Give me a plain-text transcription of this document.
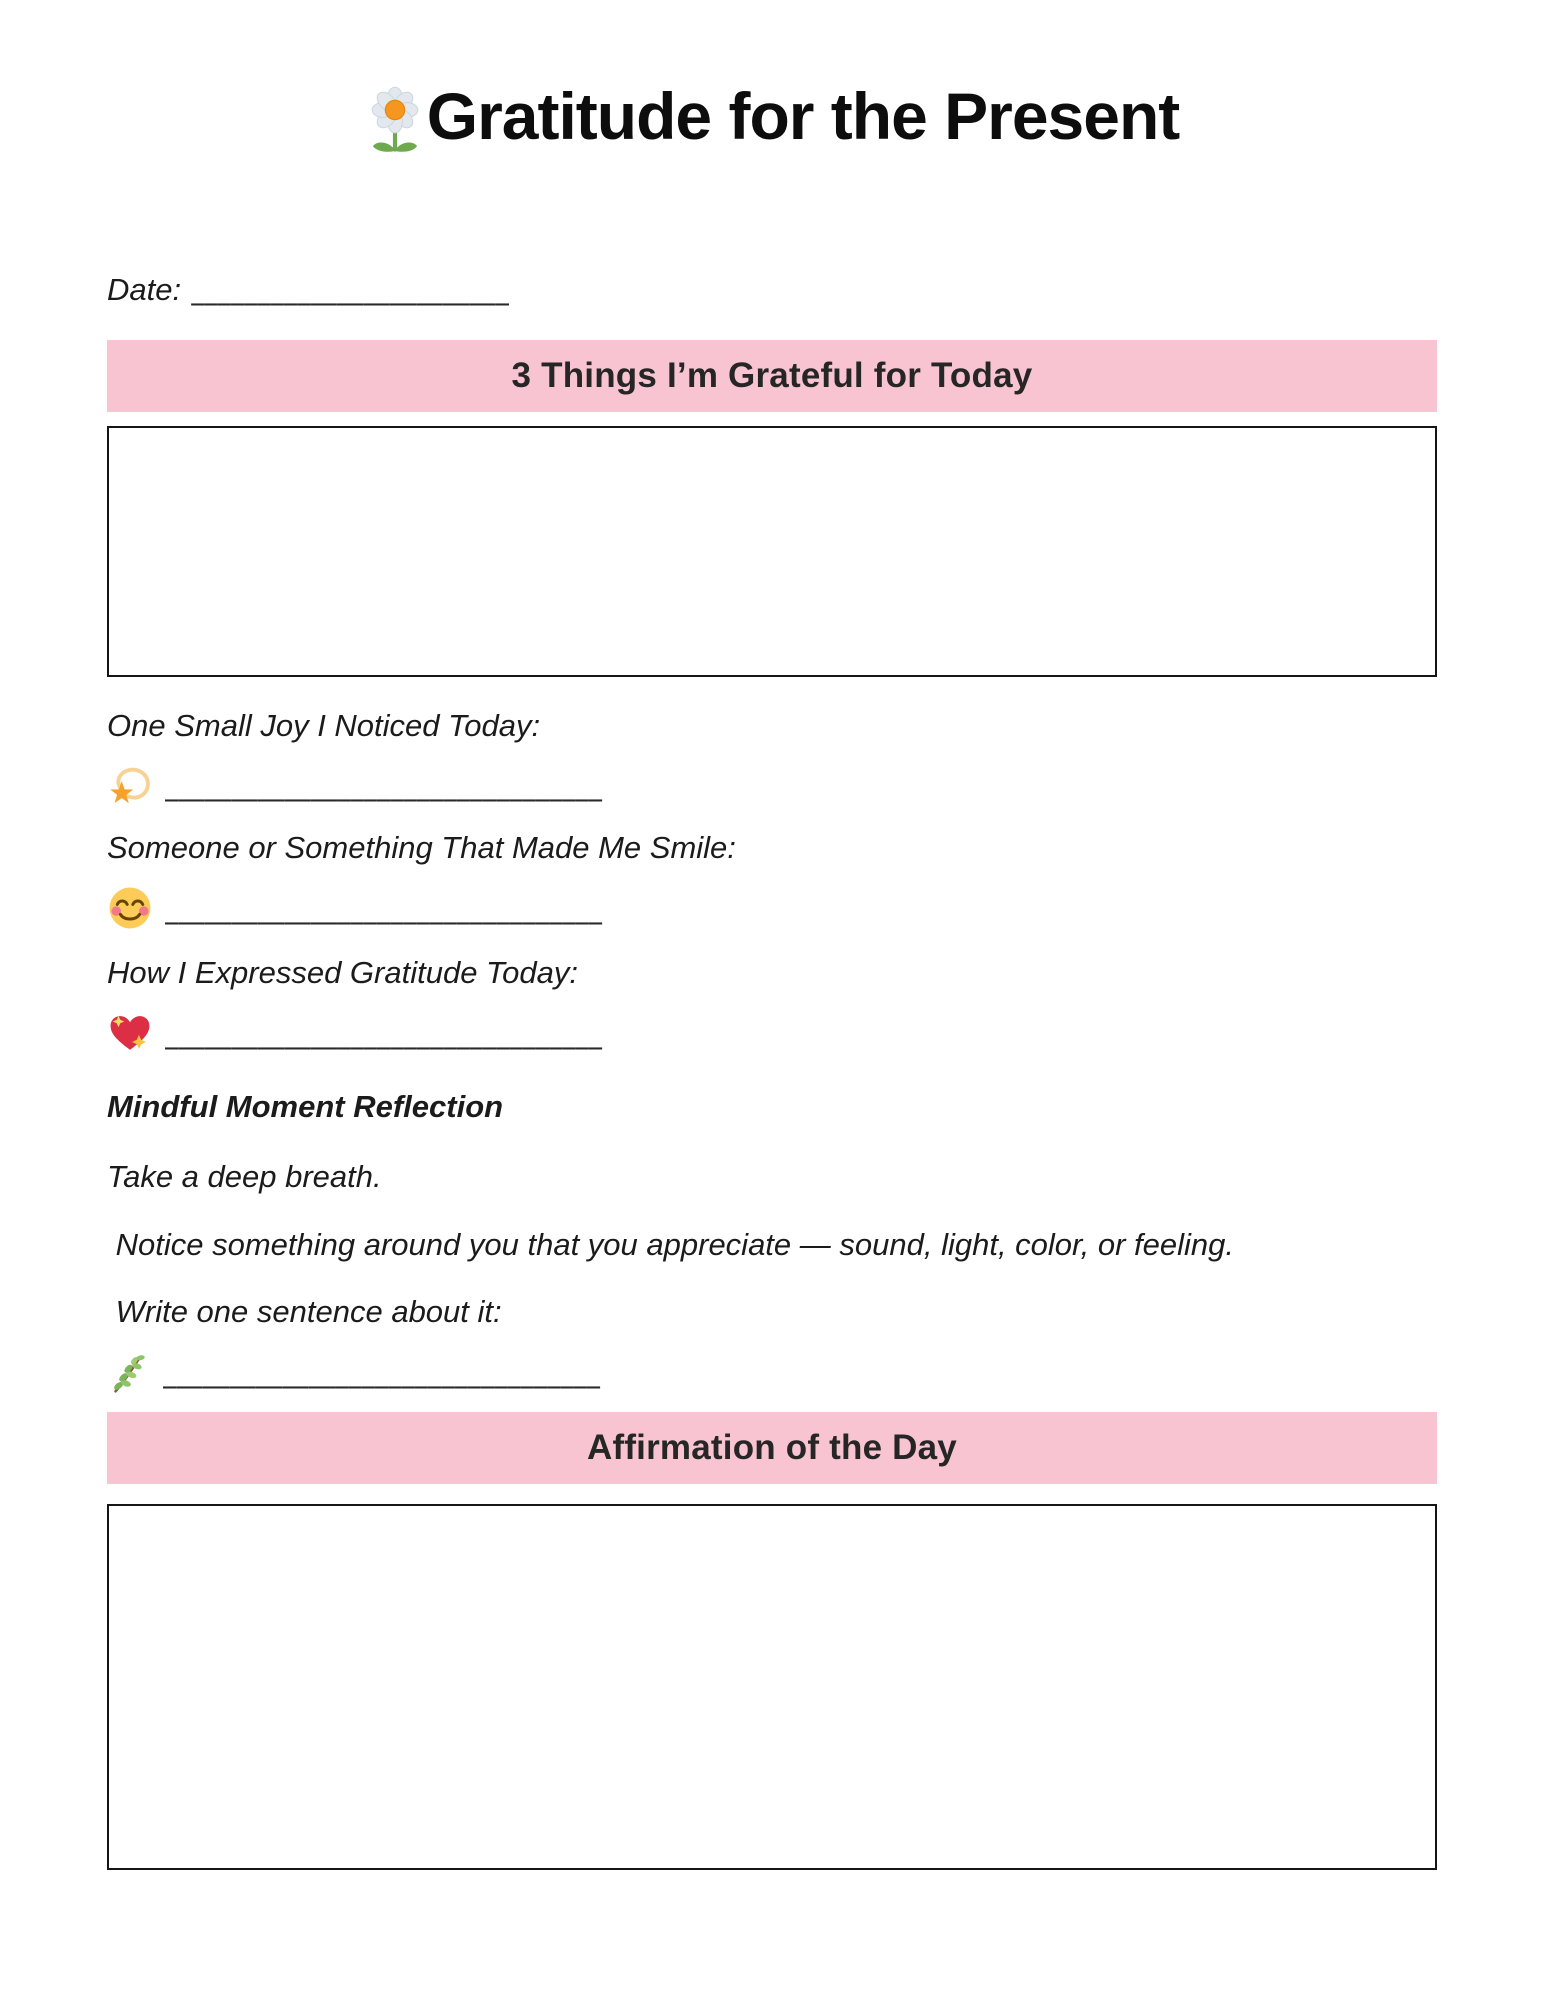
Gratitude for the Present
Date: ________________________
3 Things I’m Grateful for Today

One Small Joy I Noticed Today:

_________________________________

Someone or Something That Made Me Smile:

_________________________________

How I Expressed Gratitude Today:

_________________________________

Mindful Moment Reflection

Take a deep breath.

Notice something around you that you appreciate — sound, light, color, or feeling.

Write one sentence about it:

_________________________________
Affirmation of the Day
